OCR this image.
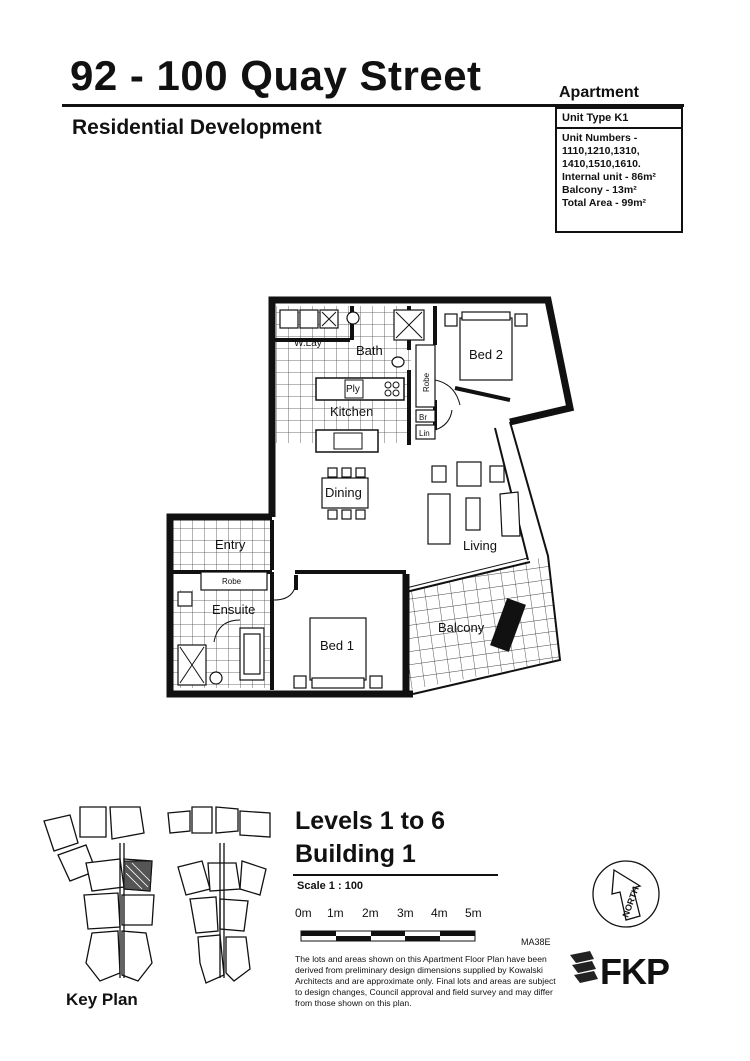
92 - 100 Quay Street
Residential Development
Apartment
Unit Type K1
Unit Numbers -
1110,1210,1310,
1410,1510,1610.
Internal unit - 86m²
Balcony - 13m²
Total Area - 99m²
W.Lay	Bath	Bed 2
Robe
Ply
Kitchen	Br
Lin
Dining
Living
Entry
Robe
Ensuite
Bed 1
Balcony
Key Plan
Levels 1 to 6
Building 1
Scale 1 : 100
0m 1m 2m 3m 4m 5m
MA38E
The lots and areas shown on this Apartment Floor Plan have been derived from preliminary design dimensions supplied by Kowalski Architects and are approximate only. Final lots and areas are subject to design changes, Council approval and field survey and may differ from those shown on this plan.
NORTH
FKP
